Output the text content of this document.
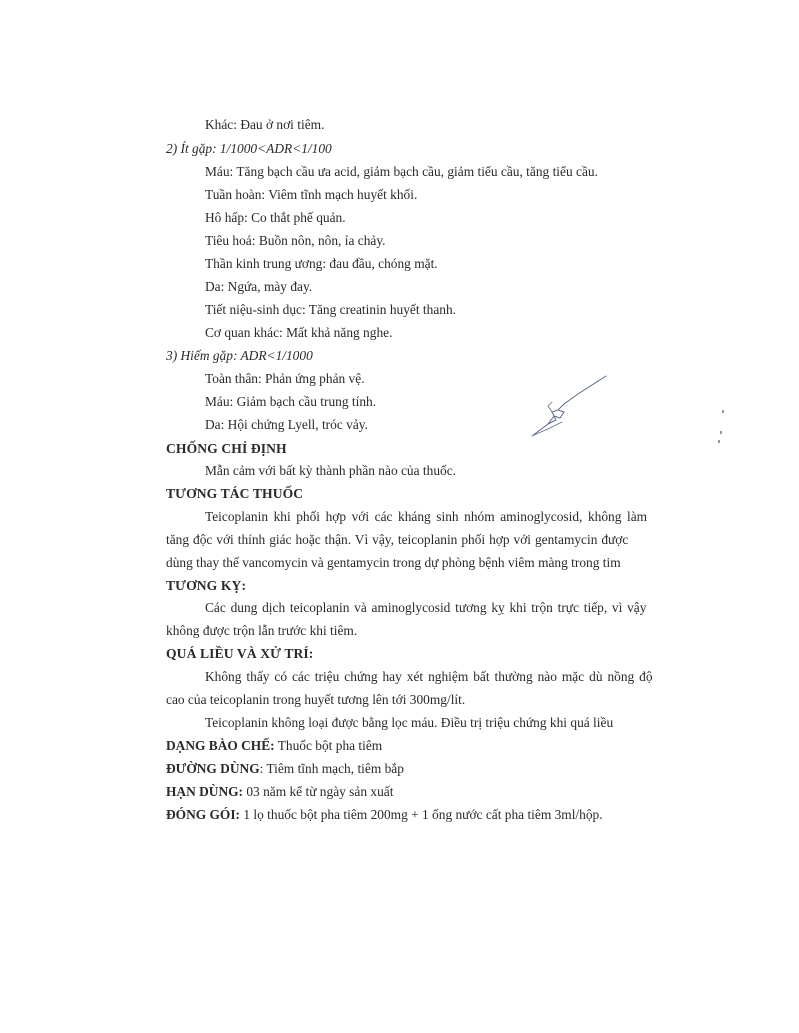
Khác: Đau ở nơi tiêm.
2) Ít gặp: 1/1000<ADR<1/100
Máu: Tăng bạch cầu ưa acid, giảm bạch cầu, giảm tiểu cầu, tăng tiểu cầu.
Tuần hoàn: Viêm tĩnh mạch huyết khối.
Hô hấp: Co thắt phế quản.
Tiêu hoá: Buồn nôn, nôn, ỉa chảy.
Thần kinh trung ương: đau đầu, chóng mặt.
Da: Ngứa, mày đay.
Tiết niệu-sinh dục: Tăng creatinin huyết thanh.
Cơ quan khác: Mất khả năng nghe.
3) Hiếm gặp: ADR<1/1000
Toàn thân: Phản ứng phản vệ.
Máu: Giảm bạch cầu trung tính.
Da: Hội chứng Lyell, tróc vảy.
CHỐNG CHỈ ĐỊNH
Mẫn cảm với bất kỳ thành phần nào của thuốc.
TƯƠNG TÁC THUỐC
Teicoplanin khi phối hợp với các kháng sinh nhóm aminoglycosid, không làm
tăng độc với thính giác hoặc thận. Vì vậy, teicoplanin phối hợp với gentamycin được
dùng thay thế vancomycin và gentamycin trong dự phòng bệnh viêm màng trong tim
TƯƠNG KỴ:
Các dung dịch teicoplanin và aminoglycosid tương kỵ khi trộn trực tiếp, vì vậy
không được trộn lẫn trước khi tiêm.
QUÁ LIỀU VÀ XỬ TRÍ:
Không thấy có các triệu chứng hay xét nghiệm bất thường nào mặc dù nồng độ
cao của teicoplanin trong huyết tương lên tới 300mg/lít.
Teicoplanin không loại được bằng lọc máu. Điều trị triệu chứng khi quá liều
DẠNG BÀO CHẾ: Thuốc bột pha tiêm
ĐƯỜNG DÙNG: Tiêm tĩnh mạch, tiêm bắp
HẠN DÙNG: 03 năm kể từ ngày sản xuất
ĐÓNG GÓI: 1 lọ thuốc bột pha tiêm 200mg + 1 ống nước cất pha tiêm 3ml/hộp.
